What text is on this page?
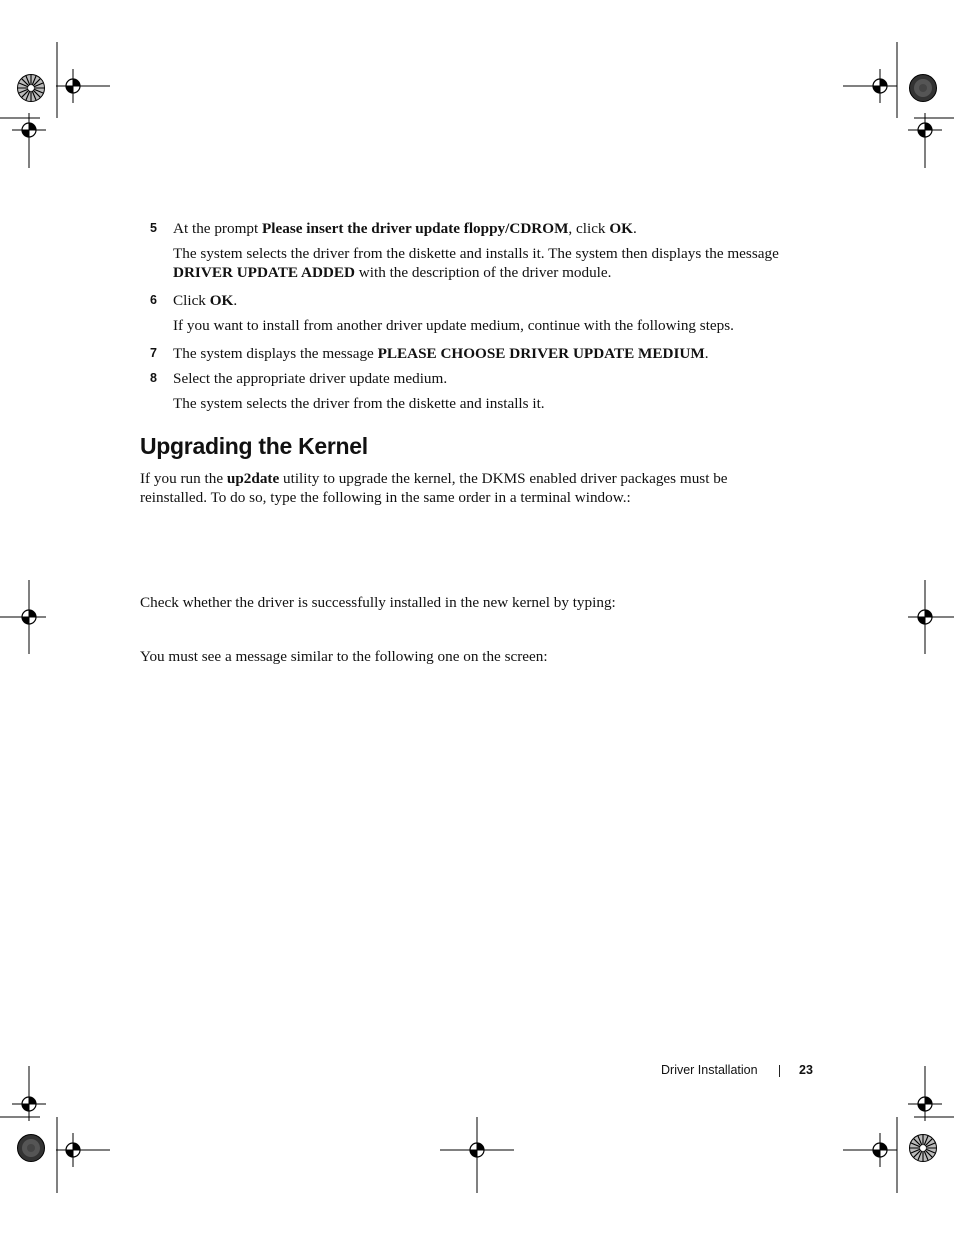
5	At the prompt Please insert the driver update floppy/CDROM, click OK.
The system selects the driver from the diskette and installs it. The system then displays the message
DRIVER UPDATE ADDED with the description of the driver module.
6	Click OK.
If you want to install from another driver update medium, continue with the following steps.
7	The system displays the message PLEASE CHOOSE DRIVER UPDATE MEDIUM.
8	Select the appropriate driver update medium.
The system selects the driver from the diskette and installs it.
Upgrading the Kernel
If you run the up2date utility to upgrade the kernel, the DKMS enabled driver packages must be
reinstalled. To do so, type the following in the same order in a terminal window.:
Check whether the driver is successfully installed in the new kernel by typing:
You must see a message similar to the following one on the screen:
Driver Installation	23
